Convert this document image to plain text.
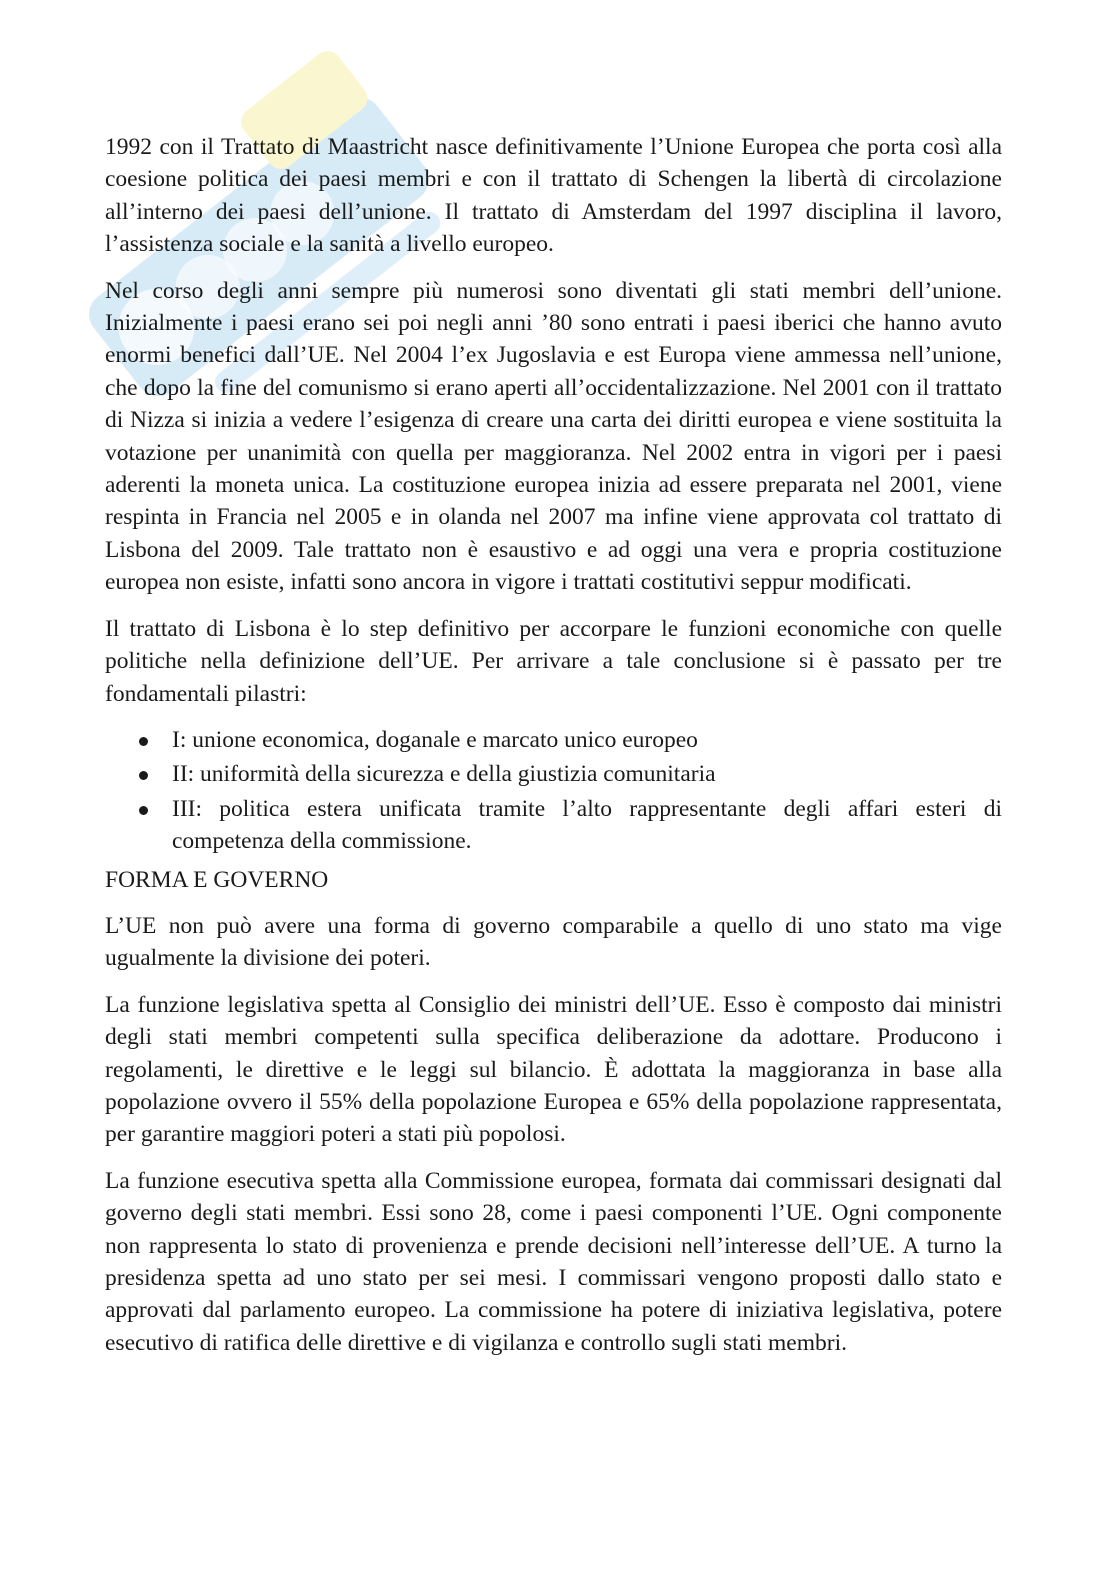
1992 con il Trattato di Maastricht nasce definitivamente l’Unione Europea che porta così alla coesione politica dei paesi membri e con il trattato di Schengen la libertà di circolazione all’interno dei paesi dell’unione. Il trattato di Amsterdam del 1997 disciplina il lavoro, l’assistenza sociale e la sanità a livello europeo.

Nel corso degli anni sempre più numerosi sono diventati gli stati membri dell’unione. Inizialmente i paesi erano sei poi negli anni ’80 sono entrati i paesi iberici che hanno avuto enormi benefici dall’UE. Nel 2004 l’ex Jugoslavia e est Europa viene ammessa nell’unione, che dopo la fine del comunismo si erano aperti all’occidentalizzazione. Nel 2001 con il trattato di Nizza si inizia a vedere l’esigenza di creare una carta dei diritti europea e viene sostituita la votazione per unanimità con quella per maggioranza. Nel 2002 entra in vigori per i paesi aderenti la moneta unica. La costituzione europea inizia ad essere preparata nel 2001, viene respinta in Francia nel 2005 e in olanda nel 2007 ma infine viene approvata col trattato di Lisbona del 2009. Tale trattato non è esaustivo e ad oggi una vera e propria costituzione europea non esiste, infatti sono ancora in vigore i trattati costitutivi seppur modificati.

Il trattato di Lisbona è lo step definitivo per accorpare le funzioni economiche con quelle politiche nella definizione dell’UE. Per arrivare a tale conclusione si è passato per tre fondamentali pilastri:

I: unione economica, doganale e marcato unico europeo
II: uniformità della sicurezza e della giustizia comunitaria
III: politica estera unificata tramite l’alto rappresentante degli affari esteri di competenza della commissione.
FORMA E GOVERNO

L’UE non può avere una forma di governo comparabile a quello di uno stato ma vige ugualmente la divisione dei poteri.

La funzione legislativa spetta al Consiglio dei ministri dell’UE. Esso è composto dai ministri degli stati membri competenti sulla specifica deliberazione da adottare. Producono i regolamenti, le direttive e le leggi sul bilancio. È adottata la maggioranza in base alla popolazione ovvero il 55% della popolazione Europea e 65% della popolazione rappresentata, per garantire maggiori poteri a stati più popolosi.

La funzione esecutiva spetta alla Commissione europea, formata dai commissari designati dal governo degli stati membri. Essi sono 28, come i paesi componenti l’UE. Ogni componente non rappresenta lo stato di provenienza e prende decisioni nell’interesse dell’UE. A turno la presidenza spetta ad uno stato per sei mesi. I commissari vengono proposti dallo stato e approvati dal parlamento europeo. La commissione ha potere di iniziativa legislativa, potere esecutivo di ratifica delle direttive e di vigilanza e controllo sugli stati membri.
